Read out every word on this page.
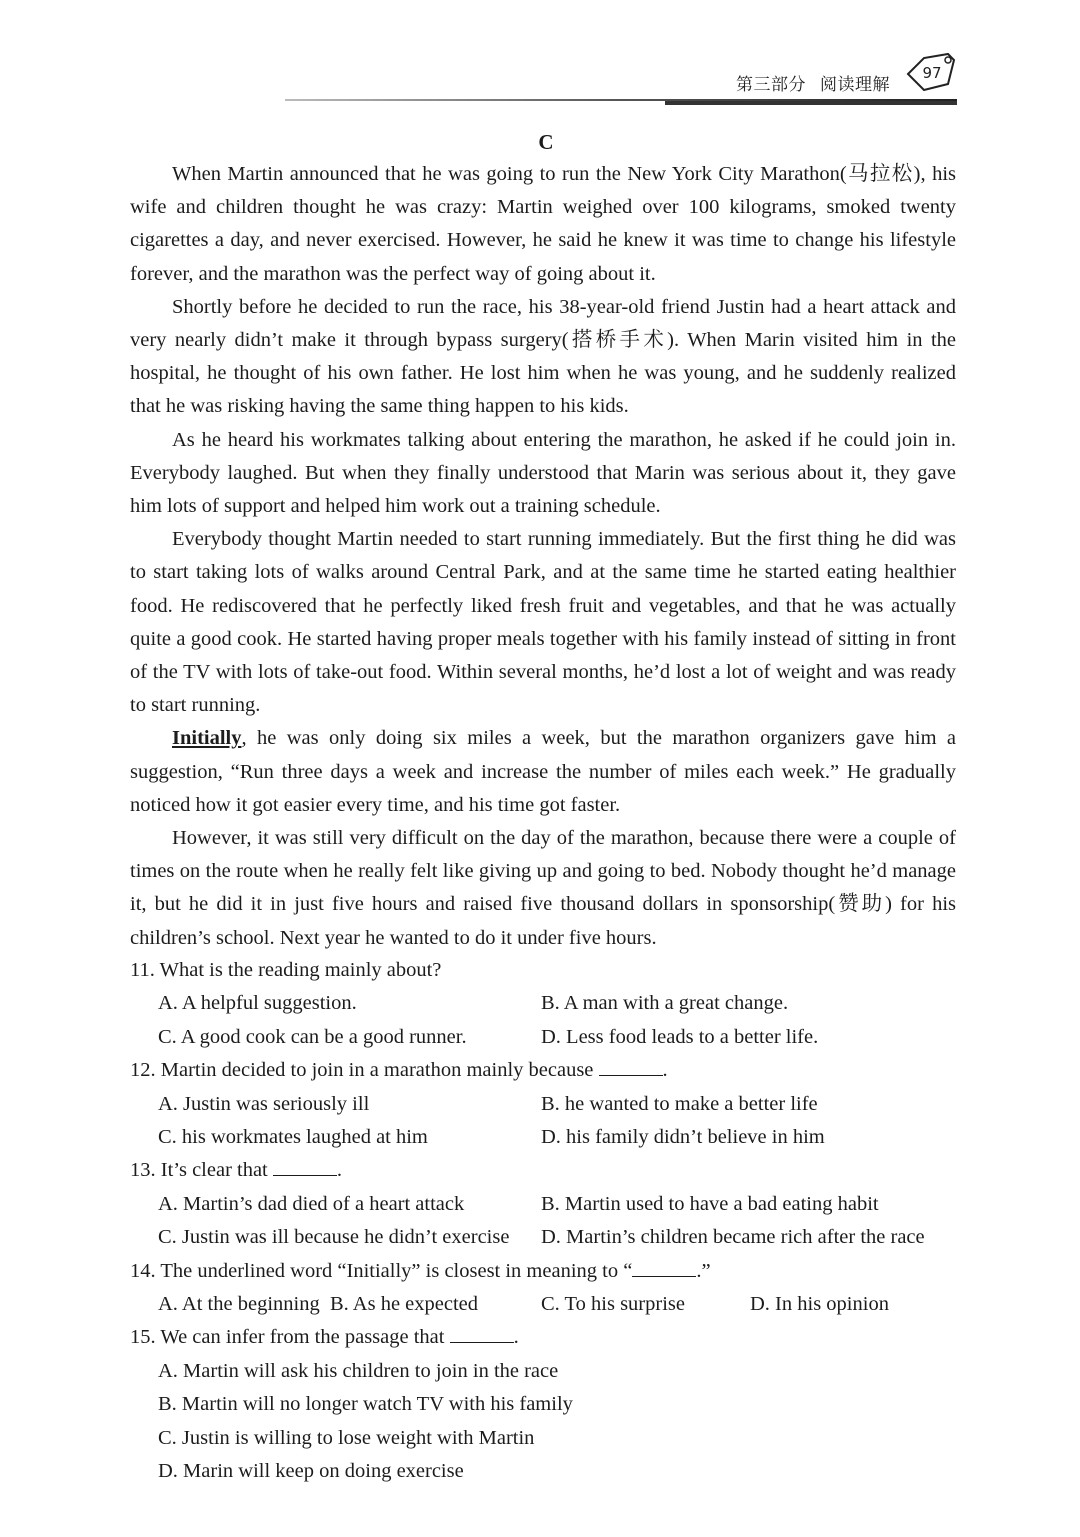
第三部分 阅读理解
97
C

When Martin announced that he was going to run the New York City Marathon(马拉松), his wife and children thought he was crazy: Martin weighed over 100 kilograms, smoked twenty cigarettes a day, and never exercised. However, he said he knew it was time to change his lifestyle forever, and the marathon was the perfect way of going about it.

Shortly before he decided to run the race, his 38-year-old friend Justin had a heart attack and very nearly didn’t make it through bypass surgery(搭桥手术). When Marin visited him in the hospital, he thought of his own father. He lost him when he was young, and he suddenly realized that he was risking having the same thing happen to his kids.

As he heard his workmates talking about entering the marathon, he asked if he could join in. Everybody laughed. But when they finally understood that Marin was serious about it, they gave him lots of support and helped him work out a training schedule.

Everybody thought Martin needed to start running immediately. But the first thing he did was to start taking lots of walks around Central Park, and at the same time he started eating healthier food. He rediscovered that he perfectly liked fresh fruit and vegetables, and that he was actually quite a good cook. He started having proper meals together with his family instead of sitting in front of the TV with lots of take-out food. Within several months, he’d lost a lot of weight and was ready to start running.

Initially, he was only doing six miles a week, but the marathon organizers gave him a suggestion, “Run three days a week and increase the number of miles each week.” He gradually noticed how it got easier every time, and his time got faster.

However, it was still very difficult on the day of the marathon, because there were a couple of times on the route when he really felt like giving up and going to bed. Nobody thought he’d manage it, but he did it in just five hours and raised five thousand dollars in sponsorship(赞助) for his children’s school. Next year he wanted to do it under five hours.

11. What is the reading mainly about?
A. A helpful suggestion.	B. A man with a great change.
C. A good cook can be a good runner.	D. Less food leads to a better life.
12. Martin decided to join in a marathon mainly because	.
A. Justin was seriously ill	B. he wanted to make a better life
C. his workmates laughed at him	D. his family didn’t believe in him
13. It’s clear that	.
A. Martin’s dad died of a heart attack	B. Martin used to have a bad eating habit
C. Justin was ill because he didn’t exercise D. Martin’s children became rich after the race
14. The underlined word “Initially” is closest in meaning to “	.”
A. At the beginning B. As he expected	C. To his surprise	D. In his opinion
15. We can infer from the passage that	.
A. Martin will ask his children to join in the race
B. Martin will no longer watch TV with his family
C. Justin is willing to lose weight with Martin
D. Marin will keep on doing exercise
